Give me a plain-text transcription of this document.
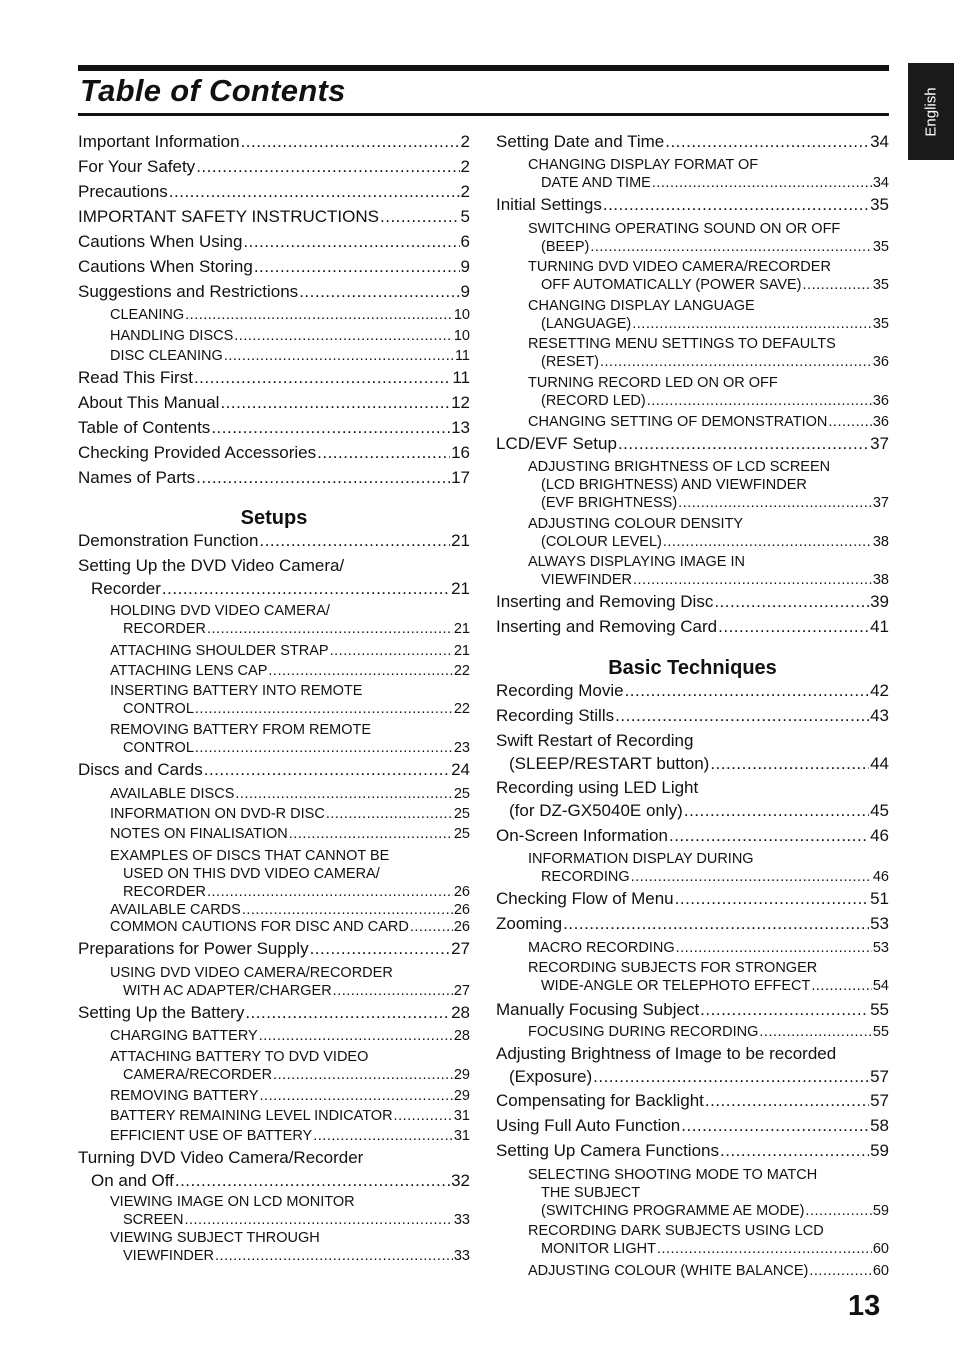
Table of Contents	English
Important Information .....	2
For Your Safety .....	2
Precautions .....	2
IMPORTANT SAFETY INSTRUCTIONS .....	5
Cautions When Using .....	6
Cautions When Storing .....	9
Suggestions and Restrictions .....	9
CLEANING .....	10
HANDLING DISCS .....	10
DISC CLEANING .....	11
Read This First .....	11
About This Manual .....	12
Table of Contents .....	13
Checking Provided Accessories .....	16
Names of Parts .....	17
Setups
Demonstration Function .....	21
Setting Up the DVD Video Camera/
Recorder .....	21
HOLDING DVD VIDEO CAMERA/
RECORDER .....	21
ATTACHING SHOULDER STRAP .....	21
ATTACHING LENS CAP .....	22
INSERTING BATTERY INTO REMOTE
CONTROL .....	22
REMOVING BATTERY FROM REMOTE
CONTROL .....	23
Discs and Cards .....	24
AVAILABLE DISCS .....	25
INFORMATION ON DVD-R DISC .....	25
NOTES ON FINALISATION .....	25
EXAMPLES OF DISCS THAT CANNOT BE
USED ON THIS DVD VIDEO CAMERA/
RECORDER .....	26
AVAILABLE CARDS .....	26
COMMON CAUTIONS FOR DISC AND CARD .....	26
Preparations for Power Supply .....	27
USING DVD VIDEO CAMERA/RECORDER
WITH AC ADAPTER/CHARGER .....	27
Setting Up the Battery .....	28
CHARGING BATTERY .....	28
ATTACHING BATTERY TO DVD VIDEO
CAMERA/RECORDER .....	29
REMOVING BATTERY .....	29
BATTERY REMAINING LEVEL INDICATOR .....	31
EFFICIENT USE OF BATTERY .....	31
Turning DVD Video Camera/Recorder
On and Off .....	32
VIEWING IMAGE ON LCD MONITOR
SCREEN .....	33
VIEWING SUBJECT THROUGH
VIEWFINDER .....	33
Setting Date and Time .....	34
CHANGING DISPLAY FORMAT OF
DATE AND TIME .....	34
Initial Settings .....	35
SWITCHING OPERATING SOUND ON OR OFF
(BEEP) .....	35
TURNING DVD VIDEO CAMERA/RECORDER
OFF AUTOMATICALLY (POWER SAVE) .....	35
CHANGING DISPLAY LANGUAGE
(LANGUAGE) .....	35
RESETTING MENU SETTINGS TO DEFAULTS
(RESET) .....	36
TURNING RECORD LED ON OR OFF
(RECORD LED) .....	36
CHANGING SETTING OF DEMONSTRATION .....	36
LCD/EVF Setup .....	37
ADJUSTING BRIGHTNESS OF LCD SCREEN
(LCD BRIGHTNESS) AND VIEWFINDER
(EVF BRIGHTNESS) .....	37
ADJUSTING COLOUR DENSITY
(COLOUR LEVEL) .....	38
ALWAYS DISPLAYING IMAGE IN
VIEWFINDER .....	38
Inserting and Removing Disc .....	39
Inserting and Removing Card .....	41
Basic Techniques
Recording Movie .....	42
Recording Stills .....	43
Swift Restart of Recording
(SLEEP/RESTART button) .....	44
Recording using LED Light
(for DZ-GX5040E only) .....	45
On-Screen Information .....	46
INFORMATION DISPLAY DURING
RECORDING .....	46
Checking Flow of Menu .....	51
Zooming .....	53
MACRO RECORDING .....	53
RECORDING SUBJECTS FOR STRONGER
WIDE-ANGLE OR TELEPHOTO EFFECT .....	54
Manually Focusing Subject .....	55
FOCUSING DURING RECORDING .....	55
Adjusting Brightness of Image to be recorded
(Exposure) .....	57
Compensating for Backlight .....	57
Using Full Auto Function .....	58
Setting Up Camera Functions .....	59
SELECTING SHOOTING MODE TO MATCH
THE SUBJECT
(SWITCHING PROGRAMME AE MODE) .....	59
RECORDING DARK SUBJECTS USING LCD
MONITOR LIGHT .....	60
ADJUSTING COLOUR (WHITE BALANCE) .....	60
13
